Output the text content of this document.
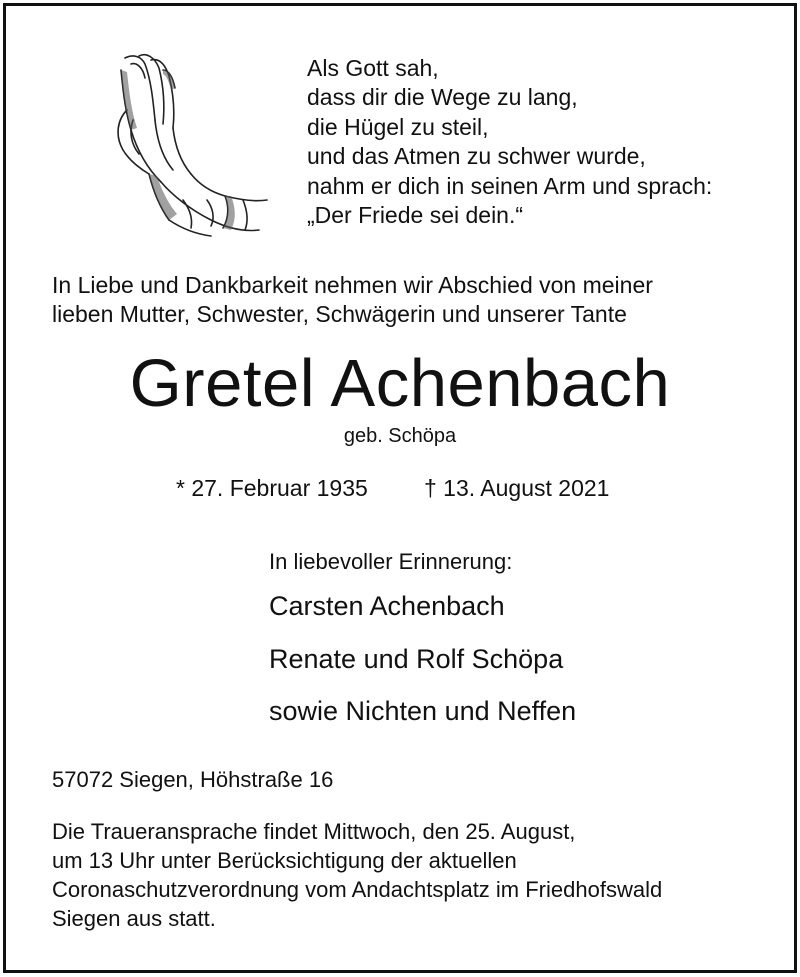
Als Gott sah,
dass dir die Wege zu lang,
die Hügel zu steil,
und das Atmen zu schwer wurde,
nahm er dich in seinen Arm und sprach:
„Der Friede sei dein.“
In Liebe und Dankbarkeit nehmen wir Abschied von meiner
lieben Mutter, Schwester, Schwägerin und unserer Tante
Gretel Achenbach
geb. Schöpa
* 27. Februar 1935 † 13. August 2021
In liebevoller Erinnerung:
Carsten Achenbach
Renate und Rolf Schöpa
sowie Nichten und Neffen
57072 Siegen, Höhstraße 16
Die Traueransprache findet Mittwoch, den 25. August,
um 13 Uhr unter Berücksichtigung der aktuellen
Coronaschutzverordnung vom Andachtsplatz im Friedhofswald
Siegen aus statt.
